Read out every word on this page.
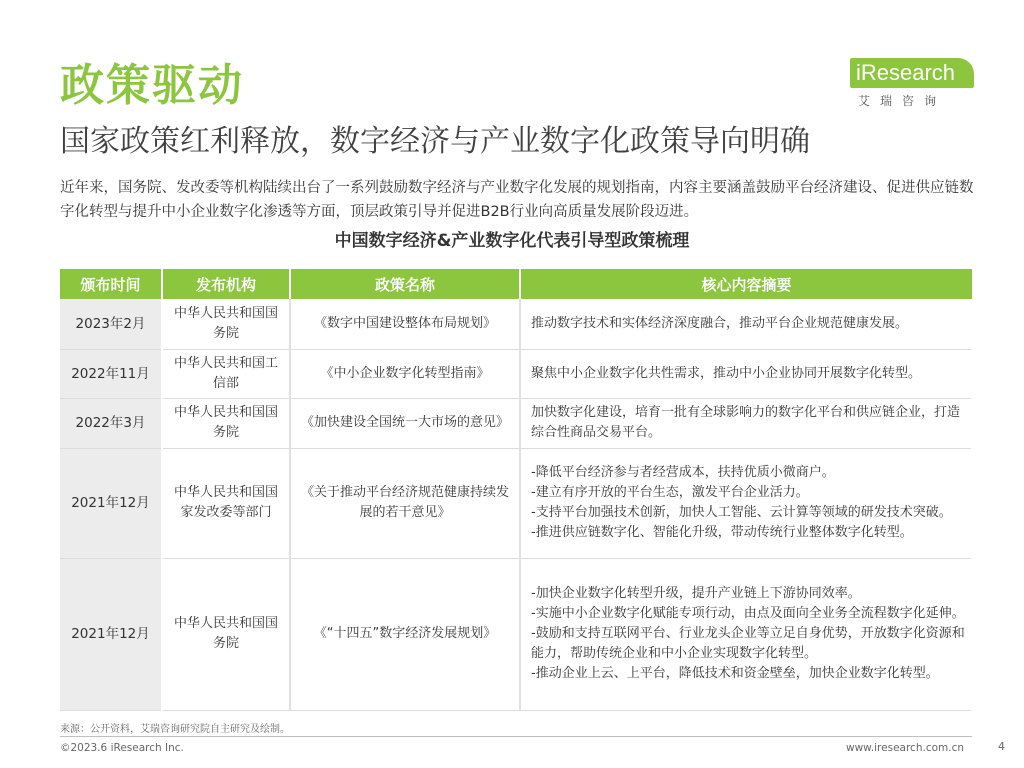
政策驱动	iResearch
艾瑞咨询
国家政策红利释放，数字经济与产业数字化政策导向明确
近年来，国务院、发改委等机构陆续出台了一系列鼓励数字经济与产业数字化发展的规划指南，内容主要涵盖鼓励平台经济建设、促进供应链数字化转型与提升中小企业数字化渗透等方面，顶层政策引导并促进B2B行业向高质量发展阶段迈进。
中国数字经济&产业数字化代表引导型政策梳理
颁布时间	发布机构	政策名称	核心内容摘要
2023年2月	中华人民共和国国务院	《数字中国建设整体布局规划》	推动数字技术和实体经济深度融合，推动平台企业规范健康发展。

2022年11月	中华人民共和国工信部	《中小企业数字化转型指南》	聚焦中小企业数字化共性需求，推动中小企业协同开展数字化转型。

2022年3月	中华人民共和国国务院	《加快建设全国统一大市场的意见》	加快数字化建设，培育一批有全球影响力的数字化平台和供应链企业，打造综合性商品交易平台。

2021年12月	中华人民共和国国家发改委等部门	《关于推动平台经济规范健康持续发展的若干意见》	-降低平台经济参与者经营成本，扶持优质小微商户。
-建立有序开放的平台生态，激发平台企业活力。
-支持平台加强技术创新，加快人工智能、云计算等领域的研发技术突破。
-推进供应链数字化、智能化升级，带动传统行业整体数字化转型。

2021年12月	中华人民共和国国务院	《“十四五”数字经济发展规划》	-加快企业数字化转型升级，提升产业链上下游协同效率。
-实施中小企业数字化赋能专项行动，由点及面向全业务全流程数字化延伸。
-鼓励和支持互联网平台、行业龙头企业等立足自身优势，开放数字化资源和能力，帮助传统企业和中小企业实现数字化转型。
-推动企业上云、上平台，降低技术和资金壁垒，加快企业数字化转型。
来源：公开资料，艾瑞咨询研究院自主研究及绘制。
©2023.6 iResearch Inc.	www.iresearch.com.cn	4
